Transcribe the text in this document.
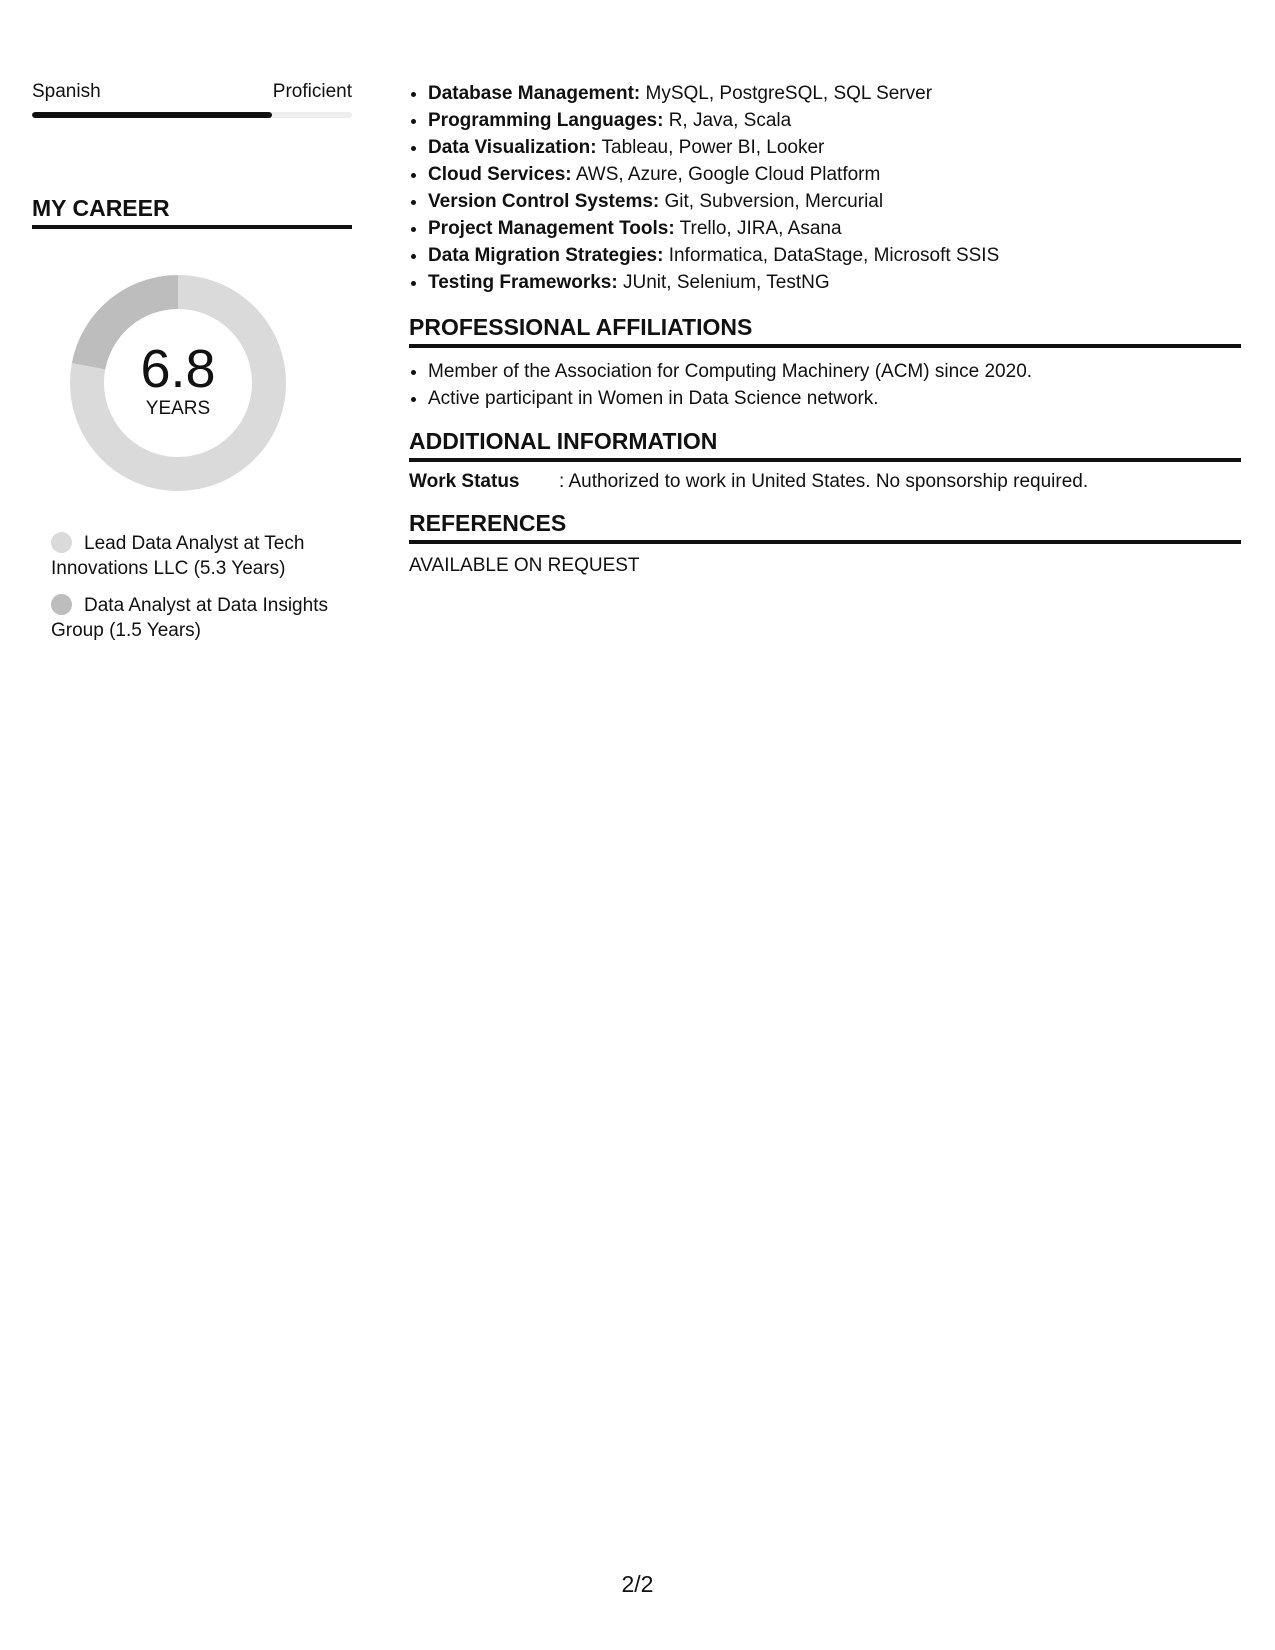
Spanish	Proficient
MY CAREER
6.8
YEARS
Lead Data Analyst at Tech Innovations LLC (5.3 Years)
Data Analyst at Data Insights Group (1.5 Years)
• Database Management: MySQL, PostgreSQL, SQL Server
• Programming Languages: R, Java, Scala
• Data Visualization: Tableau, Power BI, Looker
• Cloud Services: AWS, Azure, Google Cloud Platform
• Version Control Systems: Git, Subversion, Mercurial
• Project Management Tools: Trello, JIRA, Asana
• Data Migration Strategies: Informatica, DataStage, Microsoft SSIS
• Testing Frameworks: JUnit, Selenium, TestNG
PROFESSIONAL AFFILIATIONS
• Member of the Association for Computing Machinery (ACM) since 2020.
• Active participant in Women in Data Science network.
ADDITIONAL INFORMATION
Work Status	: Authorized to work in United States. No sponsorship required.
REFERENCES
AVAILABLE ON REQUEST
2/2
